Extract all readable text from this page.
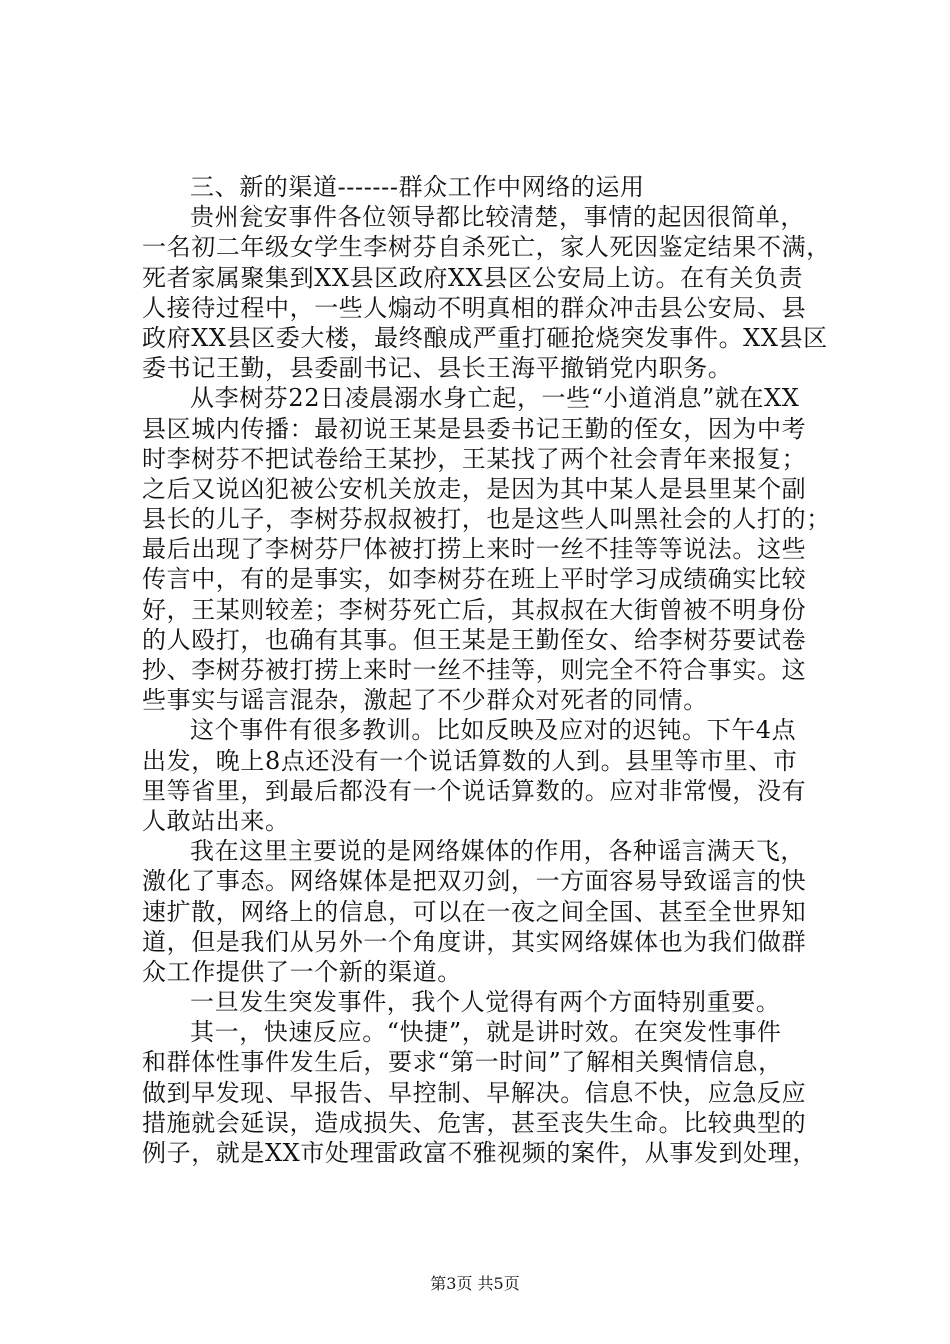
三、新的渠道-------群众工作中网络的运用
贵州瓮安事件各位领导都比较清楚，事情的起因很简单，
一名初二年级女学生李树芬自杀死亡，家人死因鉴定结果不满，
死者家属聚集到XX县区政府XX县区公安局上访。在有关负责
人接待过程中，一些人煽动不明真相的群众冲击县公安局、县
政府XX县区委大楼，最终酿成严重打砸抢烧突发事件。XX县区
委书记王勤，县委副书记、县长王海平撤销党内职务。
从李树芬22日凌晨溺水身亡起，一些“小道消息”就在XX
县区城内传播：最初说王某是县委书记王勤的侄女，因为中考
时李树芬不把试卷给王某抄，王某找了两个社会青年来报复；
之后又说凶犯被公安机关放走，是因为其中某人是县里某个副
县长的儿子，李树芬叔叔被打，也是这些人叫黑社会的人打的；
最后出现了李树芬尸体被打捞上来时一丝不挂等等说法。这些
传言中，有的是事实，如李树芬在班上平时学习成绩确实比较
好，王某则较差；李树芬死亡后，其叔叔在大街曾被不明身份
的人殴打，也确有其事。但王某是王勤侄女、给李树芬要试卷
抄、李树芬被打捞上来时一丝不挂等，则完全不符合事实。这
些事实与谣言混杂，激起了不少群众对死者的同情。
这个事件有很多教训。比如反映及应对的迟钝。下午4点
出发，晚上8点还没有一个说话算数的人到。县里等市里、市
里等省里，到最后都没有一个说话算数的。应对非常慢，没有
人敢站出来。
我在这里主要说的是网络媒体的作用，各种谣言满天飞，
激化了事态。网络媒体是把双刃剑，一方面容易导致谣言的快
速扩散，网络上的信息，可以在一夜之间全国、甚至全世界知
道，但是我们从另外一个角度讲，其实网络媒体也为我们做群
众工作提供了一个新的渠道。
一旦发生突发事件，我个人觉得有两个方面特别重要。
其一，快速反应。“快捷”，就是讲时效。在突发性事件
和群体性事件发生后，要求“第一时间”了解相关舆情信息，
做到早发现、早报告、早控制、早解决。信息不快，应急反应
措施就会延误，造成损失、危害，甚至丧失生命。比较典型的
例子，就是XX市处理雷政富不雅视频的案件，从事发到处理，
第3页 共5页
